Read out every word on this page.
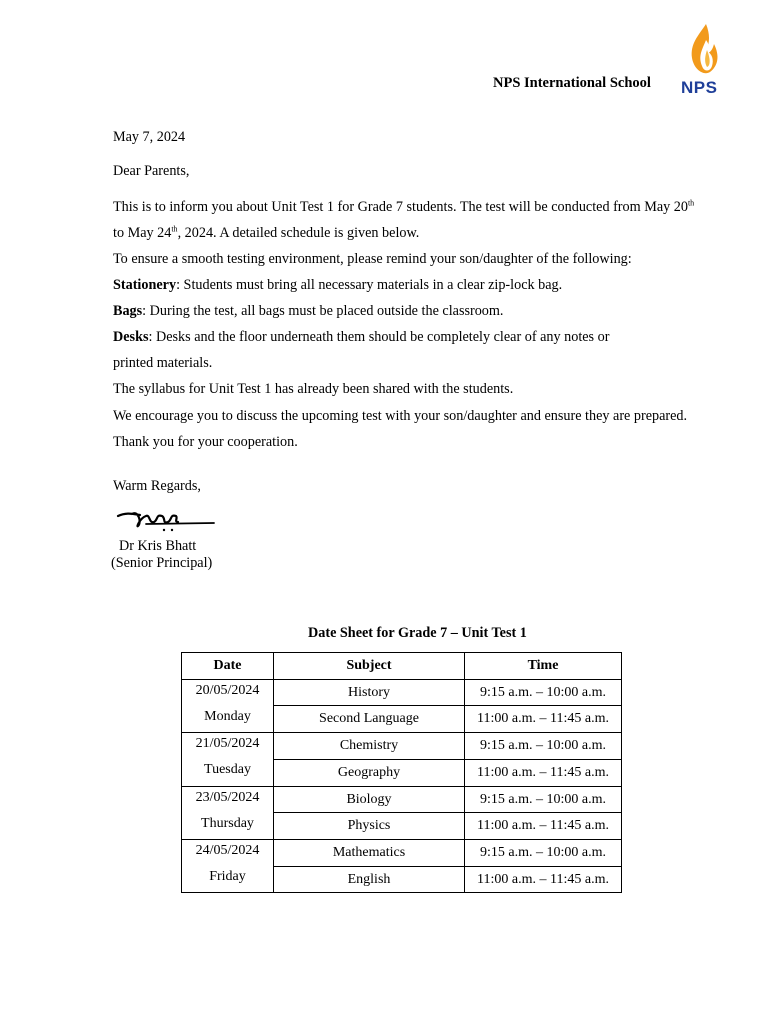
NPS International School NPS
May 7, 2024
Dear Parents,
This is to inform you about Unit Test 1 for Grade 7 students. The test will be conducted from May 20th
to May 24th, 2024. A detailed schedule is given below.
To ensure a smooth testing environment, please remind your son/daughter of the following:
Stationery: Students must bring all necessary materials in a clear zip-lock bag.
Bags: During the test, all bags must be placed outside the classroom.
Desks: Desks and the floor underneath them should be completely clear of any notes or
printed materials.
The syllabus for Unit Test 1 has already been shared with the students.
We encourage you to discuss the upcoming test with your son/daughter and ensure they are prepared.
Thank you for your cooperation.
Warm Regards,
Dr Kris Bhatt
(Senior Principal)
Date Sheet for Grade 7 – Unit Test 1
Date	Subject	Time

20/05/2024
Monday	History	9:15 a.m. – 10:00 a.m.
	Second Language	11:00 a.m. – 11:45 a.m.

21/05/2024
Tuesday	Chemistry	9:15 a.m. – 10:00 a.m.
	Geography	11:00 a.m. – 11:45 a.m.

23/05/2024
Thursday	Biology	9:15 a.m. – 10:00 a.m.
	Physics	11:00 a.m. – 11:45 a.m.

24/05/2024
Friday	Mathematics	9:15 a.m. – 10:00 a.m.
	English	11:00 a.m. – 11:45 a.m.
